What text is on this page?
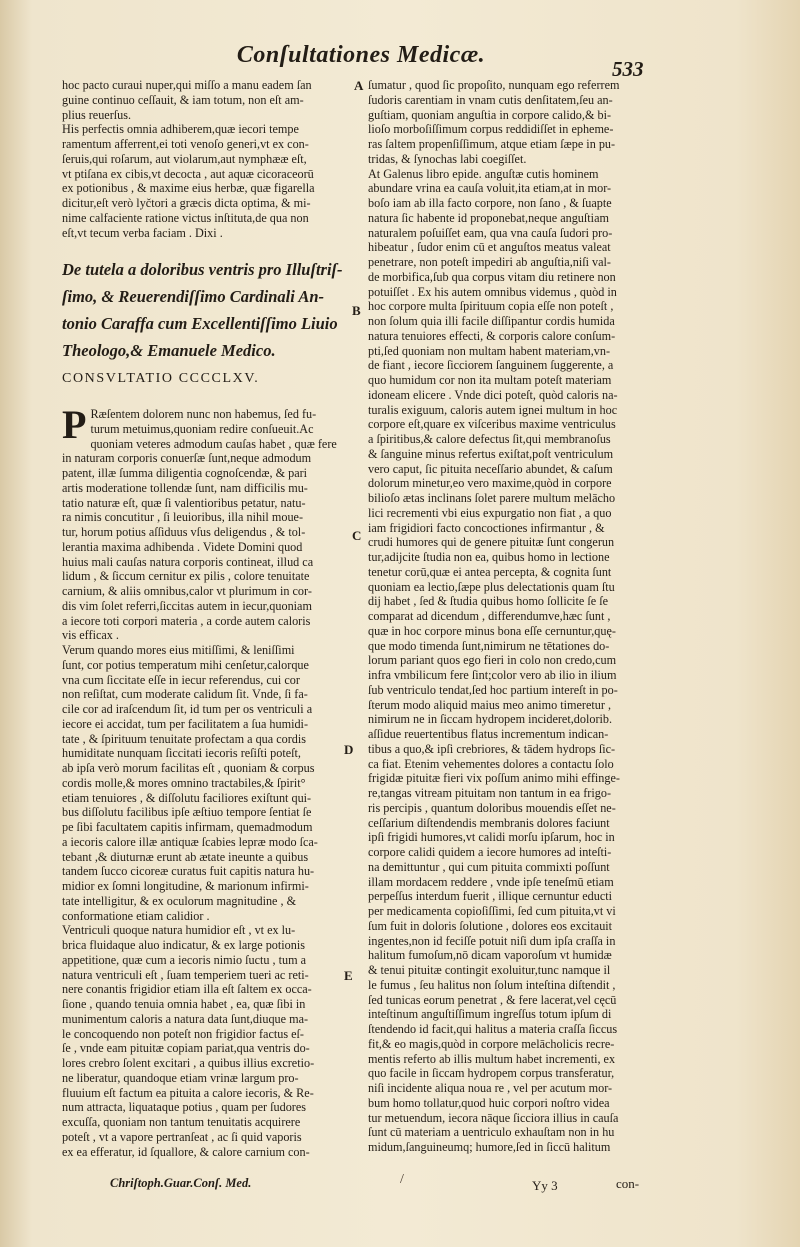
Conſultationes Medicæ.
533
hoc pacto curaui nuper,qui miſſo a manu eadem ſan
guine continuo ceſſauit, & iam totum, non eſt am-
plius reuerſus.
His perfectis omnia adhiberem,quæ iecori tempe
ramentum afferrent,ei toti venoſo generi,vt ex con-
ſeruis,qui roſarum, aut violarum,aut nymphææ eſt,
vt ptiſana ex cibis,vt decocta , aut aquæ cicoraceorū
ex potionibus , & maxime eius herbæ, quæ figarella
dicitur,eſt verò lyčtori a græcis dicta optima, & mi-
nime calfaciente ratione victus inſtituta,de qua non
eſt,vt tecum verba faciam . Dixi .
De tutela a doloribus ventris pro Illuſtriſ-
ſimo, & Reuerendiſſimo Cardinali An-
tonio Caraffa cum Excellentiſſimo Liuio
Theologo,& Emanuele Medico.
CONSVLTATIO CCCCLXV.
P Ræſentem dolorem nunc non habemus, ſed fu-
turum metuimus,quoniam redire conſueuit.Ac
quoniam veteres admodum cauſas habet , quæ fere
in naturam corporis conuerſæ ſunt,neque admodum
patent, illæ ſumma diligentia cognoſcendæ, & pari
artis moderatione tollendæ ſunt, nam difficilis mu-
tatio naturæ eſt, quæ ſi valentioribus petatur, natu-
ra nimis concutitur , ſi leuioribus, illa nihil moue-
tur, horum potius aſſiduus vſus deligendus , & tol-
lerantia maxima adhibenda . Videte Domini quod
huius mali cauſas natura corporis contineat, illud ca
lidum , & ſiccum cernitur ex pilis , colore tenuitate
carnium, & aliis omnibus,calor vt plurimum in cor-
dis vim ſolet referri,ſiccitas autem in iecur,quoniam
a iecore toti corpori materia , a corde autem caloris
vis efficax .
Verum quando mores eius mitiſſimi, & leniſſimi
ſunt, cor potius temperatum mihi cenſetur,calorque
vna cum ſiccitate eſſe in iecur referendus, cui cor
non reſiſtat, cum moderate calidum ſit. Vnde, ſi fa-
cile cor ad iraſcendum ſit, id tum per os ventriculi a
iecore ei accidat, tum per facilitatem a ſua humidi-
tate , & ſpirituum tenuitate profectam a qua cordis
humiditate nunquam ſiccitati iecoris reſiſti poteſt,
ab ipſa verò morum facilitas eſt , quoniam & corpus
cordis molle,& mores omnino tractabiles,& ſpirit°
etiam tenuiores , & diſſolutu faciliores exiſtunt qui-
bus diſſolutu facilibus ipſe æſtiuo tempore ſentiat ſe
pe ſibi facultatem capitis infirmam, quemadmodum
a iecoris calore illæ antiquæ ſcabies lepræ modo ſca-
tebant ,& diuturnæ erunt ab ætate ineunte a quibus
tandem ſucco cicoreæ curatus fuit capitis natura hu-
midior ex ſomni longitudine, & marionum infirmi-
tate intelligitur, & ex oculorum magnitudine , &
conformatione etiam calidior .
Ventriculi quoque natura humidior eſt , vt ex lu-
brica fluidaque aluo indicatur, & ex large potionis
appetitione, quæ cum a iecoris nimio ſuctu , tum a
natura ventriculi eſt , ſuam temperiem tueri ac reti-
nere conantis frigidior etiam illa eſt ſaltem ex occa-
ſione , quando tenuia omnia habet , ea, quæ ſibi in
munimentum caloris a natura data ſunt,diuque ma-
le concoquendo non poteſt non frigidior factus eſ-
ſe , vnde eam pituitæ copiam pariat,qua ventris do-
lores crebro ſolent excitari , a quibus illius excretio-
ne liberatur, quandoque etiam vrinæ largum pro-
fluuium eſt factum ea pituita a calore iecoris, & Re-
num attracta, liquataque potius , quam per ſudores
excuſſa, quoniam non tantum tenuitatis acquirere
poteſt , vt a vapore pertranſeat , ac ſi quid vaporis
ex ea efferatur, id ſquallore, & calore carnium con-
ſumatur , quod ſic propoſito, nunquam ego referrem
ſudoris carentiam in vnam cutis denſitatem,ſeu an-
guſtiam, quoniam anguſtia in corpore calido,& bi-
lioſo morboſiſſimum corpus reddidiſſet in epheme-
ras ſaltem propenſiſſimum, atque etiam ſæpe in pu-
tridas, & ſynochas labi coegiſſet.
At Galenus libro epide. anguſtæ cutis hominem
abundare vrina ea cauſa voluit,ita etiam,at in mor-
boſo iam ab illa facto corpore, non ſano , & ſuapte
natura ſic habente id proponebat,neque anguſtiam
naturalem poſuiſſet eam, qua vna cauſa ſudori pro-
hibeatur , ſudor enim cū et anguſtos meatus valeat
penetrare, non poteſt impediri ab anguſtia,niſi val-
de morbifica,ſub qua corpus vitam diu retinere non
potuiſſet . Ex his autem omnibus videmus , quòd in
hoc corpore multa ſpirituum copia eſſe non poteſt ,
non ſolum quia illi facile diſſipantur cordis humida
natura tenuiores effecti, & corporis calore conſum-
pti,ſed quoniam non multam habent materiam,vn-
de fiant , iecore ſicciorem ſanguinem ſuggerente, a
quo humidum cor non ita multam poteſt materiam
idoneam elicere . Vnde dici poteſt, quòd caloris na-
turalis exiguum, caloris autem ignei multum in hoc
corpore eſt,quare ex viſceribus maxime ventriculus
a ſpiritibus,& calore defectus ſit,qui membranoſus
& ſanguine minus refertus exiſtat,poſt ventriculum
vero caput, ſic pituita neceſſario abundet, & caſum
dolorum minetur,eo vero maxime,quòd in corpore
bilioſo ætas inclinans ſolet parere multum melācho
lici recrementi vbi eius expurgatio non fiat , a quo
iam frigidiori facto concoctiones infirmantur , &
crudi humores qui de genere pituitæ ſunt congerun
tur,adijcite ſtudia non ea, quibus homo in lectione
tenetur corū,quæ ei antea percepta, & cognita ſunt
quoniam ea lectio,ſæpe plus delectationis quam ſtu
dij habet , ſed & ſtudia quibus homo ſollicite ſe ſe
comparat ad dicendum , differendumve,hæc ſunt ,
quæ in hoc corpore minus bona eſſe cernuntur,quę-
que modo timenda ſunt,nimirum ne tētationes do-
lorum pariant quos ego fieri in colo non credo,cum
infra vmbilicum fere ſint;color vero ab ilio in ilium
ſub ventriculo tendat,ſed hoc partium intereſt in po-
ſterum modo aliquid maius meo animo timeretur ,
nimirum ne in ſiccam hydropem incideret,dolorib.
aſſidue reuertentibus flatus incrementum indican-
tibus a quo,& ipſi crebriores, & tādem hydrops ſic-
ca fiat. Etenim vehementes dolores a contactu ſolo
frigidæ pituitæ fieri vix poſſum animo mihi effinge-
re,tangas vitream pituitam non tantum in ea frigo-
ris percipis , quantum doloribus mouendis eſſet ne-
ceſſarium diſtendendis membranis dolores faciunt
ipſi frigidi humores,vt calidi morſu ipſarum, hoc in
corpore calidi quidem a iecore humores ad inteſti-
na demittuntur , qui cum pituita commixti poſſunt
illam mordacem reddere , vnde ipſe teneſmū etiam
perpeſſus interdum fuerit , illique cernuntur educti
per medicamenta copioſiſſimi, ſed cum pituita,vt vi
ſum fuit in doloris ſolutione , dolores eos excitauit
ingentes,non id feciſſe potuit niſi dum ipſa craſſa in
halitum fumoſum,nō dicam vaporoſum vt humidæ
& tenui pituitæ contingit exoluitur,tunc namque il
le fumus , ſeu halitus non ſolum inteſtina diſtendit ,
ſed tunicas eorum penetrat , & fere lacerat,vel cęcū
inteſtinum anguſtiſſimum ingreſſus totum ipſum di
ſtendendo id facit,qui halitus a materia craſſa ſiccus
fit,& eo magis,quòd in corpore melācholicis recre-
mentis referto ab illis multum habet incrementi, ex
quo facile in ſiccam hydropem corpus transferatur,
niſi incidente aliqua noua re , vel per acutum mor-
bum homo tollatur,quod huic corpori noſtro videa
tur metuendum, iecora nāque ſicciora illius in cauſa
ſunt cū materiam a uentriculo exhauſtam non in hu
midum,ſanguineumq; humore,ſed in ſiccū halitum
A
B
C
D
E
Chriſtoph.Guar.Conſ. Med.	/	Yy 3	con-
